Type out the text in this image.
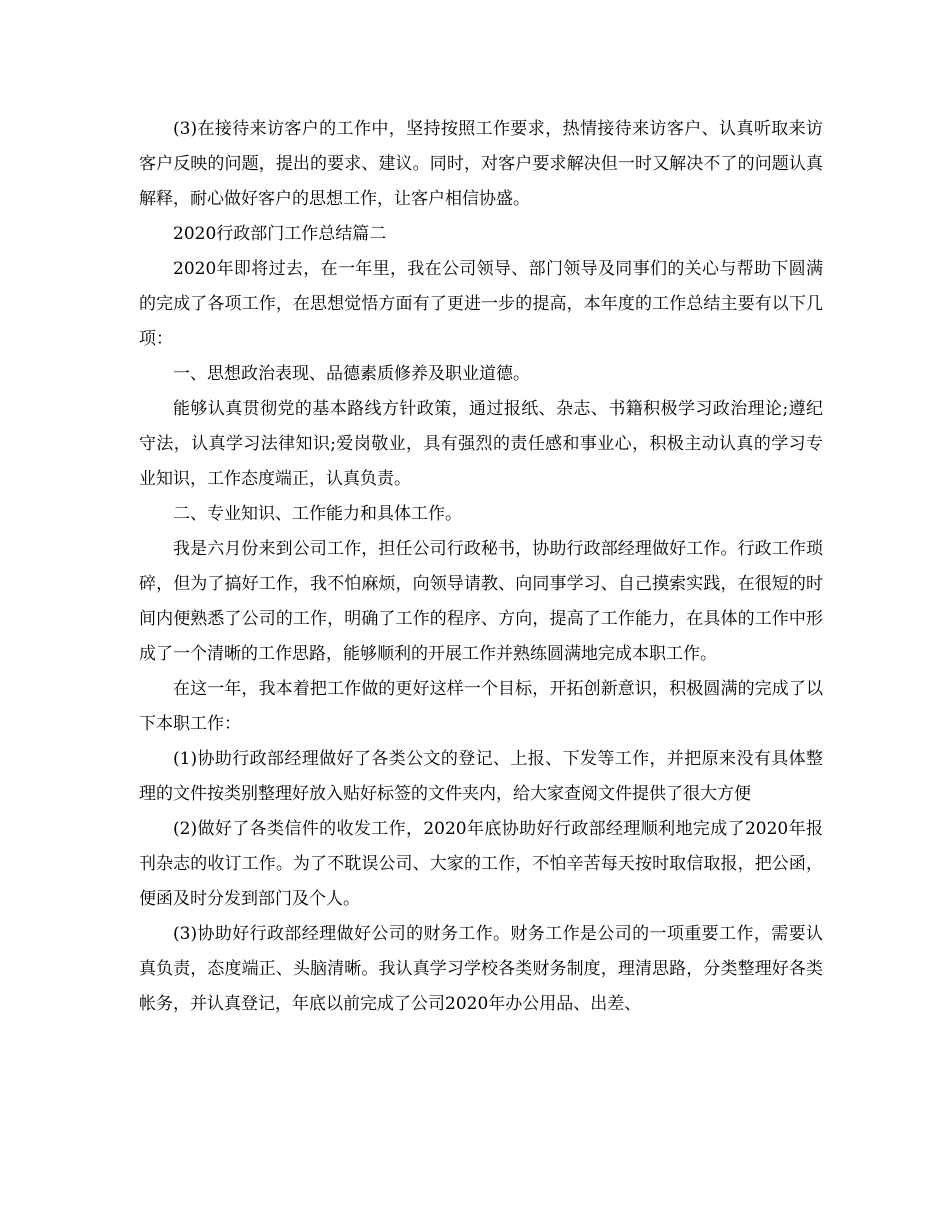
(3)在接待来访客户的工作中，坚持按照工作要求，热情接待来访客户、认真听取来访客户反映的问题，提出的要求、建议。同时，对客户要求解决但一时又解决不了的问题认真解释，耐心做好客户的思想工作，让客户相信协盛。

2020行政部门工作总结篇二

2020年即将过去，在一年里，我在公司领导、部门领导及同事们的关心与帮助下圆满的完成了各项工作，在思想觉悟方面有了更进一步的提高，本年度的工作总结主要有以下几项：

一、思想政治表现、品德素质修养及职业道德。

能够认真贯彻党的基本路线方针政策，通过报纸、杂志、书籍积极学习政治理论;遵纪守法，认真学习法律知识;爱岗敬业，具有强烈的责任感和事业心，积极主动认真的学习专业知识，工作态度端正，认真负责。

二、专业知识、工作能力和具体工作。

我是六月份来到公司工作，担任公司行政秘书，协助行政部经理做好工作。行政工作琐碎，但为了搞好工作，我不怕麻烦，向领导请教、向同事学习、自己摸索实践，在很短的时间内便熟悉了公司的工作，明确了工作的程序、方向，提高了工作能力，在具体的工作中形成了一个清晰的工作思路，能够顺利的开展工作并熟练圆满地完成本职工作。

在这一年，我本着把工作做的更好这样一个目标，开拓创新意识，积极圆满的完成了以下本职工作：

(1)协助行政部经理做好了各类公文的登记、上报、下发等工作，并把原来没有具体整理的文件按类别整理好放入贴好标签的文件夹内，给大家查阅文件提供了很大方便

(2)做好了各类信件的收发工作，2020年底协助好行政部经理顺利地完成了2020年报刊杂志的收订工作。为了不耽误公司、大家的工作，不怕辛苦每天按时取信取报，把公函，便函及时分发到部门及个人。

(3)协助好行政部经理做好公司的财务工作。财务工作是公司的一项重要工作，需要认真负责，态度端正、头脑清晰。我认真学习学校各类财务制度，理清思路，分类整理好各类帐务，并认真登记，年底以前完成了公司2020年办公用品、出差、
